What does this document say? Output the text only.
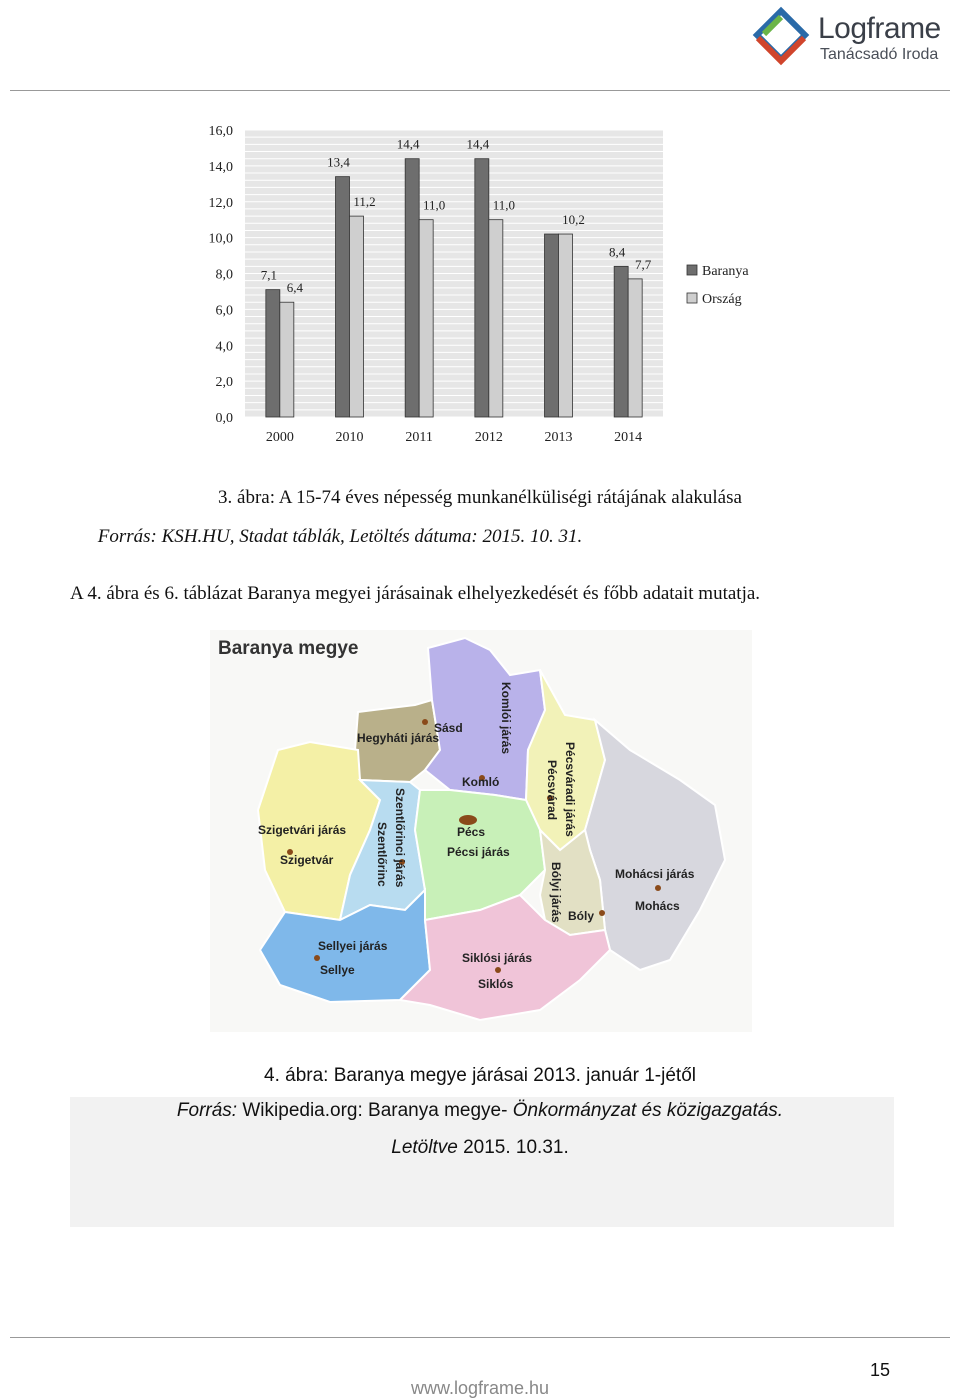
Logframe
Tanácsadó Iroda
0,0
2,0
4,0
6,0
8,0
10,0
12,0
14,0
16,0
7,1
6,4
2000
13,4
11,2
2010
14,4
11,0
2011
14,4
11,0
2012
10,2
2013
8,4
7,7
2014
Baranya
Ország
3. ábra: A 15-74 éves népesség munkanélküliségi rátájának alakulása
Forrás: KSH.HU, Stadat táblák, Letöltés dátuma: 2015. 10. 31.
A 4. ábra és 6. táblázat Baranya megyei járásainak elhelyezkedését és főbb adatait mutatja.
Baranya megye
Sásd
Hegyháti járás	Komlói járás
Komló	Pécsváradi járás
Pécsvárad
Szigetvári járás
Szigetvár	Szentlőrinci járás
Szentlőrinc	Pécs
Pécsi járás
Mohácsi járás
Mohács
Bólyi járás Bóly
Sellyei járás
Sellye
Siklósi járás
Siklós
4. ábra: Baranya megye járásai 2013. január 1-jétől
Forrás: Wikipedia.org: Baranya megye- Önkormányzat és közigazgatás.
Letöltve 2015. 10.31.
15
www.logframe.hu
